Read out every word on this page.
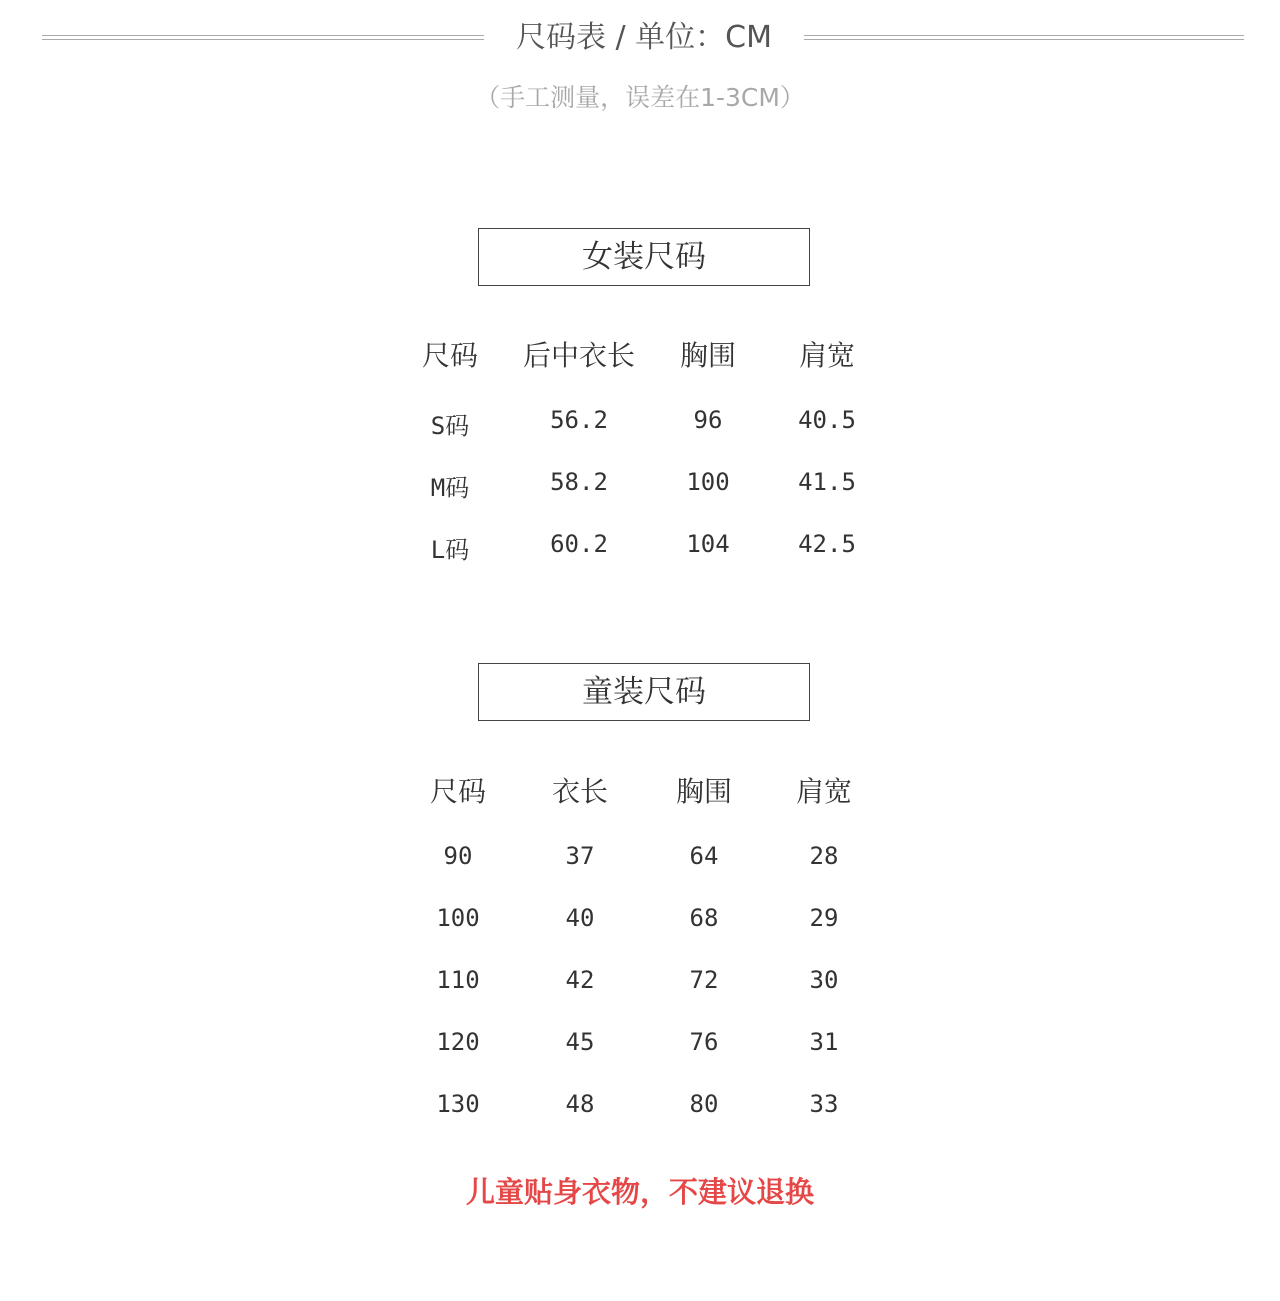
尺码表 / 单位：CM
（手工测量，误差在1-3CM）
女装尺码
尺码 后中衣长 胸围 肩宽
S码	56.2	96	40.5
M码	58.2	100	41.5
L码	60.2	104	42.5
童装尺码
尺码 衣长 胸围 肩宽
90	37	64	28
100	40	68	29
110	42	72	30
120	45	76	31
130	48	80	33
儿童贴身衣物，不建议退换
